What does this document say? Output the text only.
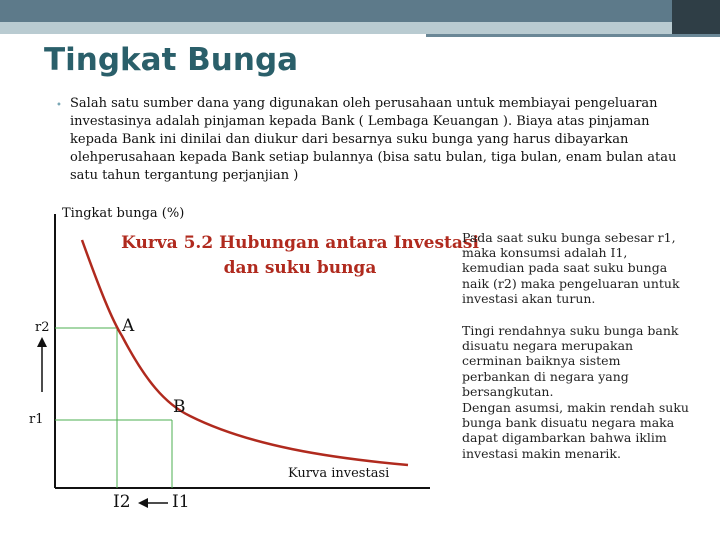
Tingkat Bunga
• Salah satu sumber dana yang digunakan oleh perusahaan untuk membiayai pengeluaran investasinya adalah pinjaman kepada Bank ( Lembaga Keuangan ). Biaya atas pinjaman kepada Bank ini dinilai dan diukur dari besarnya suku bunga yang harus dibayarkan olehperusahaan kepada Bank setiap bulannya (bisa satu bulan, tiga bulan, enam bulan atau satu tahun tergantung perjanjian )
Tingkat bunga (%)
Kurva 5.2 Hubungan antara Investasi
dan suku bunga
A
B
r2
r1
I2 I1
Kurva investasi
Pada saat suku bunga sebesar r1, maka konsumsi adalah I1, kemudian pada saat suku bunga naik (r2) maka pengeluaran untuk investasi akan turun.
Tingi rendahnya suku bunga bank disuatu negara merupakan cerminan baiknya sistem perbankan di negara yang bersangkutan.
Dengan asumsi, makin rendah suku bunga bank disuatu negara maka dapat digambarkan bahwa iklim investasi makin menarik.
